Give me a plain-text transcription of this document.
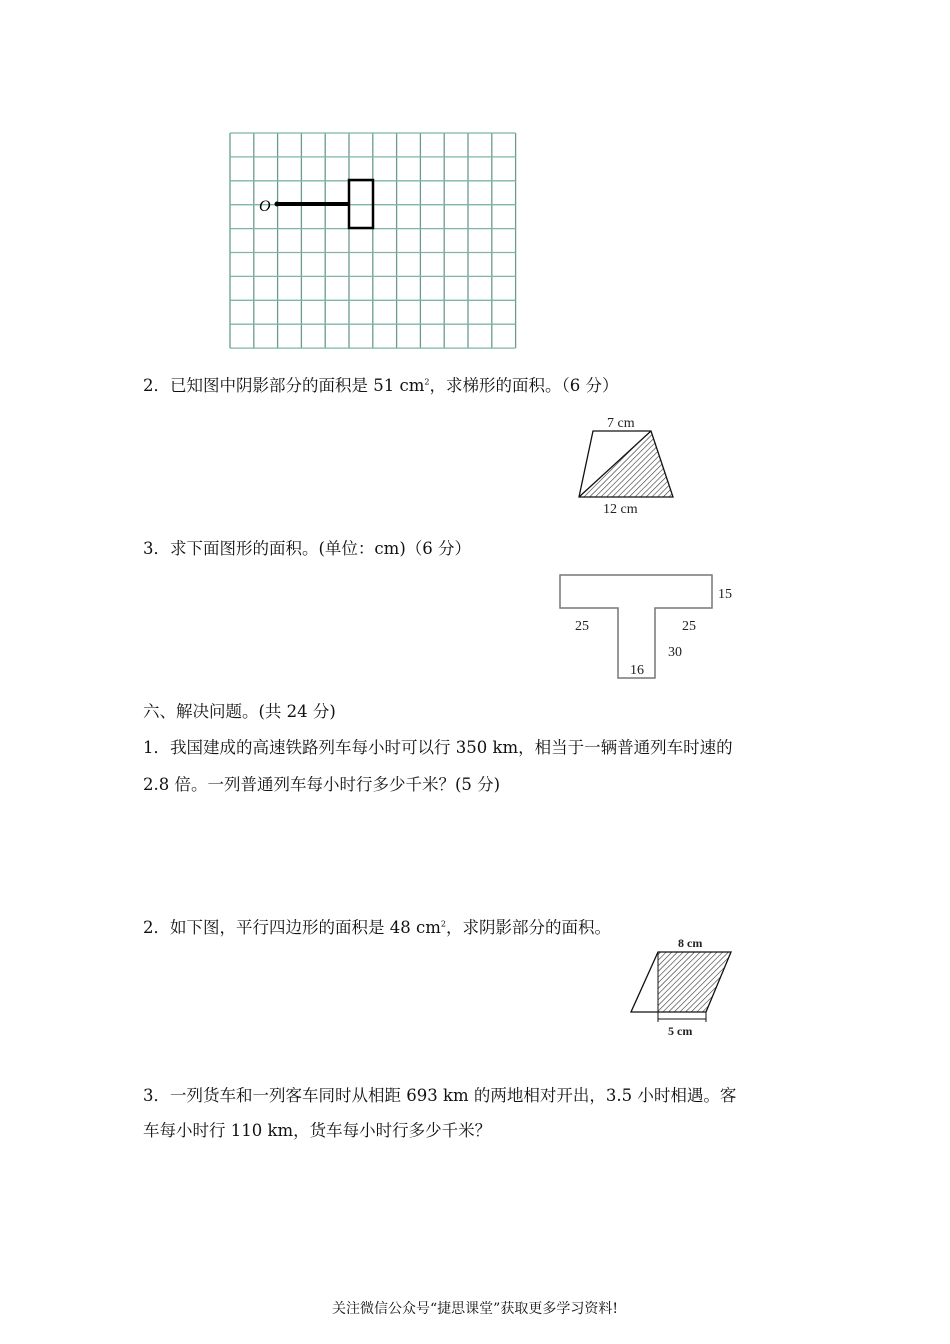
O
7 cm
12 cm
15
25	25
30
16
8 cm
5 cm
2．已知图中阴影部分的面积是 51 $cm^2$，求梯形的面积。（6 分）
3．求下面图形的面积。(单位：cm)（6 分）
六、解决问题。(共 24 分)
1．我国建成的高速铁路列车每小时可以行 350 km，相当于一辆普通列车时速的
2.8 倍。一列普通列车每小时行多少千米？(5 分)
2．如下图，平行四边形的面积是 48 $cm^2$，求阴影部分的面积。
3．一列货车和一列客车同时从相距 693 km 的两地相对开出，3.5 小时相遇。客
车每小时行 110 km，货车每小时行多少千米？
关注微信公众号“捷思课堂”获取更多学习资料!
